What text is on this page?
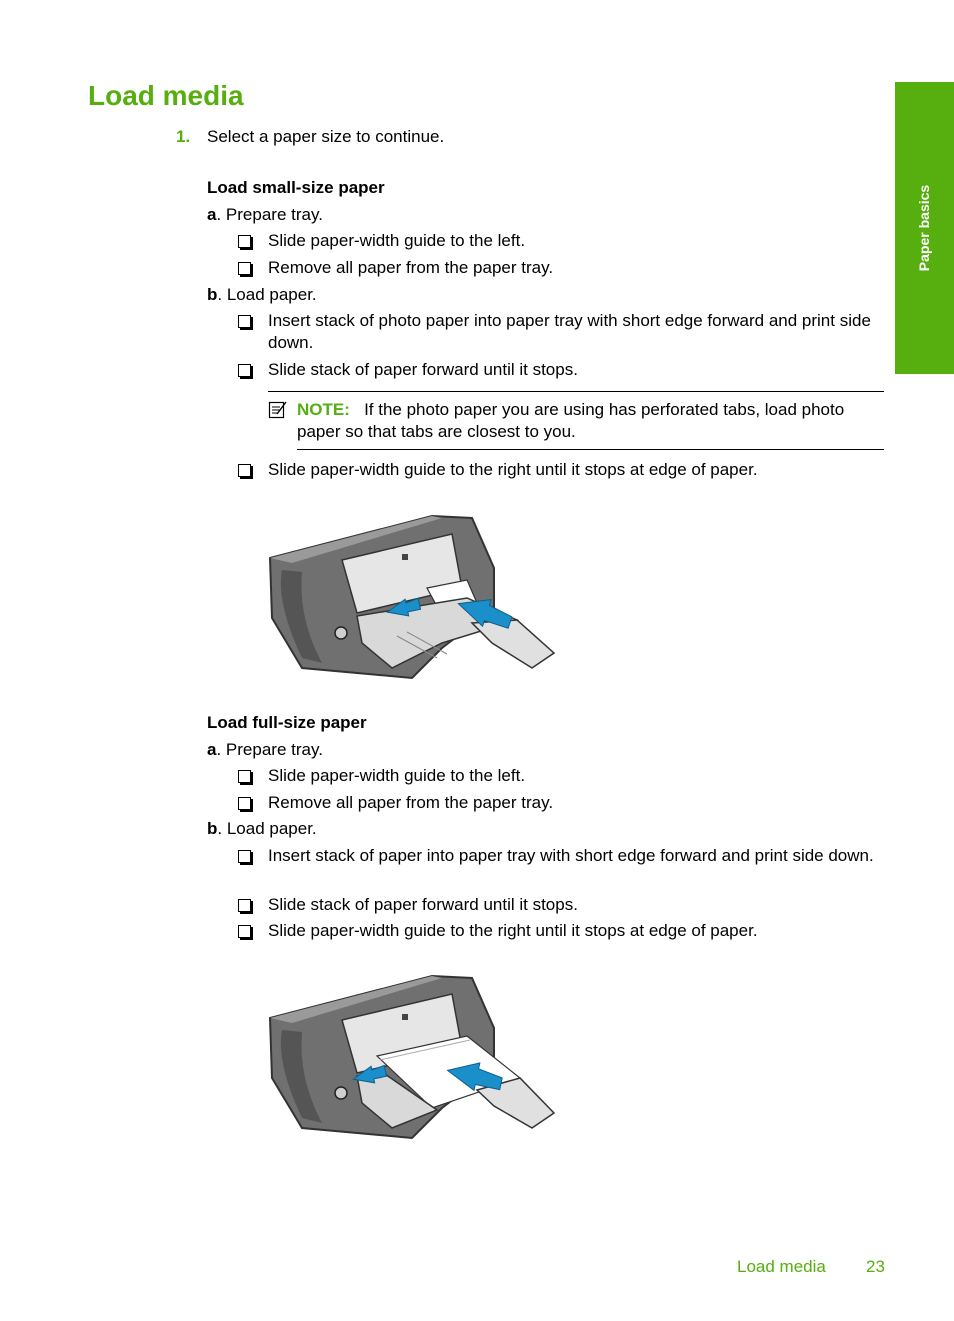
Load media
Paper basics
1. Select a paper size to continue.
Load small-size paper
a. Prepare tray.
Slide paper-width guide to the left.
Remove all paper from the paper tray.
b. Load paper.
Insert stack of photo paper into paper tray with short edge forward and print side down.
Slide stack of paper forward until it stops.
NOTE: If the photo paper you are using has perforated tabs, load photo paper so that tabs are closest to you.
Slide paper-width guide to the right until it stops at edge of paper.
Load full-size paper
a. Prepare tray.
Slide paper-width guide to the left.
Remove all paper from the paper tray.
b. Load paper.
Insert stack of paper into paper tray with short edge forward and print side down.
Slide stack of paper forward until it stops.
Slide paper-width guide to the right until it stops at edge of paper.
Load media 23
